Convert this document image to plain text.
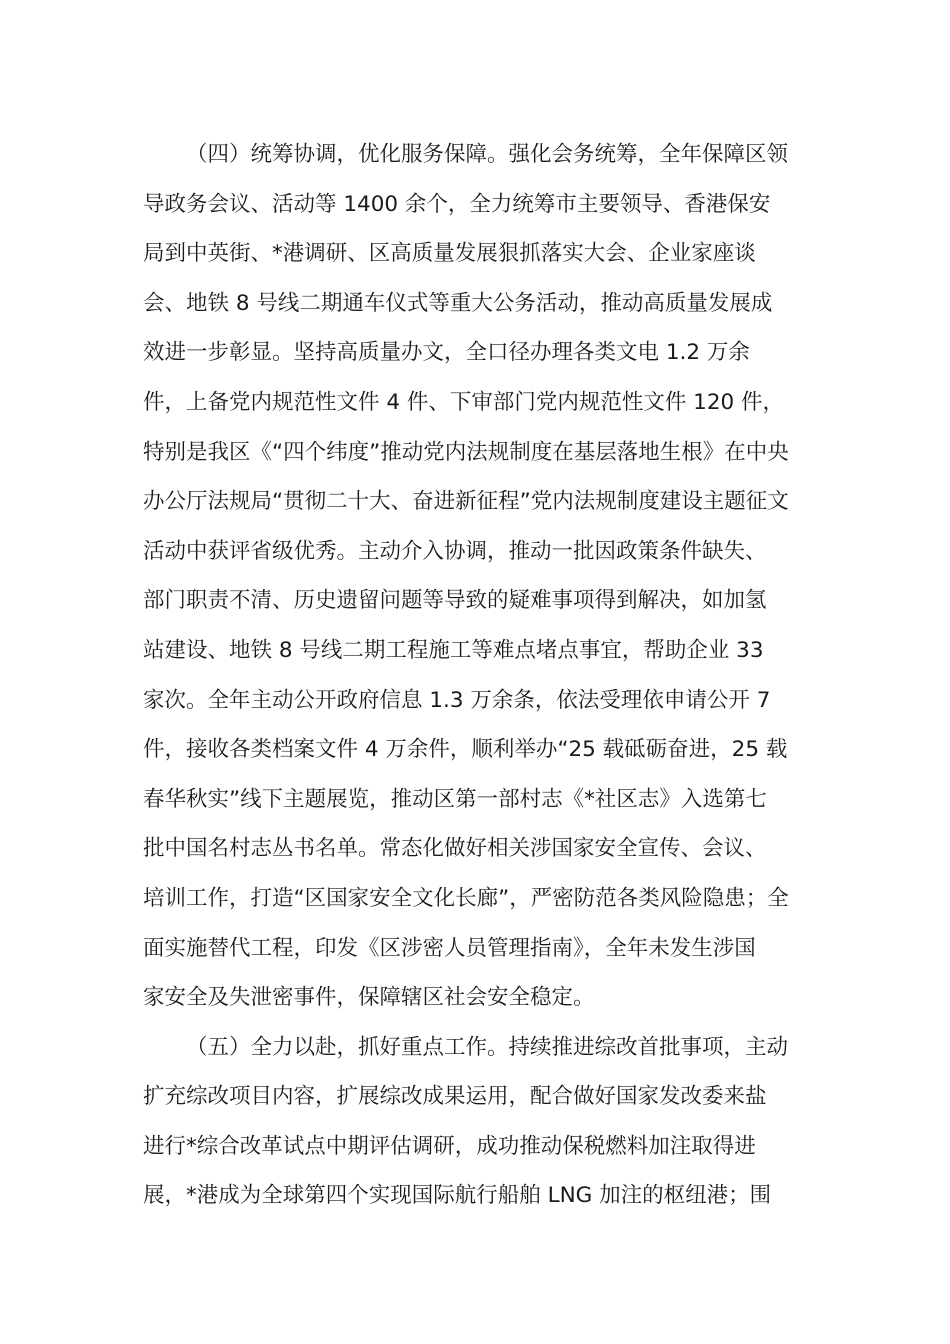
（四）统筹协调，优化服务保障。强化会务统筹，全年保障区领
导政务会议、活动等 1400 余个，全力统筹市主要领导、香港保安
局到中英街、*港调研、区高质量发展狠抓落实大会、企业家座谈
会、地铁 8 号线二期通车仪式等重大公务活动，推动高质量发展成
效进一步彰显。坚持高质量办文，全口径办理各类文电 1.2 万余
件，上备党内规范性文件 4 件、下审部门党内规范性文件 120 件，
特别是我区《“四个纬度”推动党内法规制度在基层落地生根》在中央
办公厅法规局“贯彻二十大、奋进新征程”党内法规制度建设主题征文
活动中获评省级优秀。主动介入协调，推动一批因政策条件缺失、
部门职责不清、历史遗留问题等导致的疑难事项得到解决，如加氢
站建设、地铁 8 号线二期工程施工等难点堵点事宜，帮助企业 33
家次。全年主动公开政府信息 1.3 万余条，依法受理依申请公开 7
件，接收各类档案文件 4 万余件，顺利举办“25 载砥砺奋进，25 载
春华秋实”线下主题展览，推动区第一部村志《*社区志》入选第七
批中国名村志丛书名单。常态化做好相关涉国家安全宣传、会议、
培训工作，打造“区国家安全文化长廊”，严密防范各类风险隐患；全
面实施替代工程，印发《区涉密人员管理指南》，全年未发生涉国
家安全及失泄密事件，保障辖区社会安全稳定。
（五）全力以赴，抓好重点工作。持续推进综改首批事项，主动
扩充综改项目内容，扩展综改成果运用，配合做好国家发改委来盐
进行*综合改革试点中期评估调研，成功推动保税燃料加注取得进
展，*港成为全球第四个实现国际航行船舶 LNG 加注的枢纽港；围
